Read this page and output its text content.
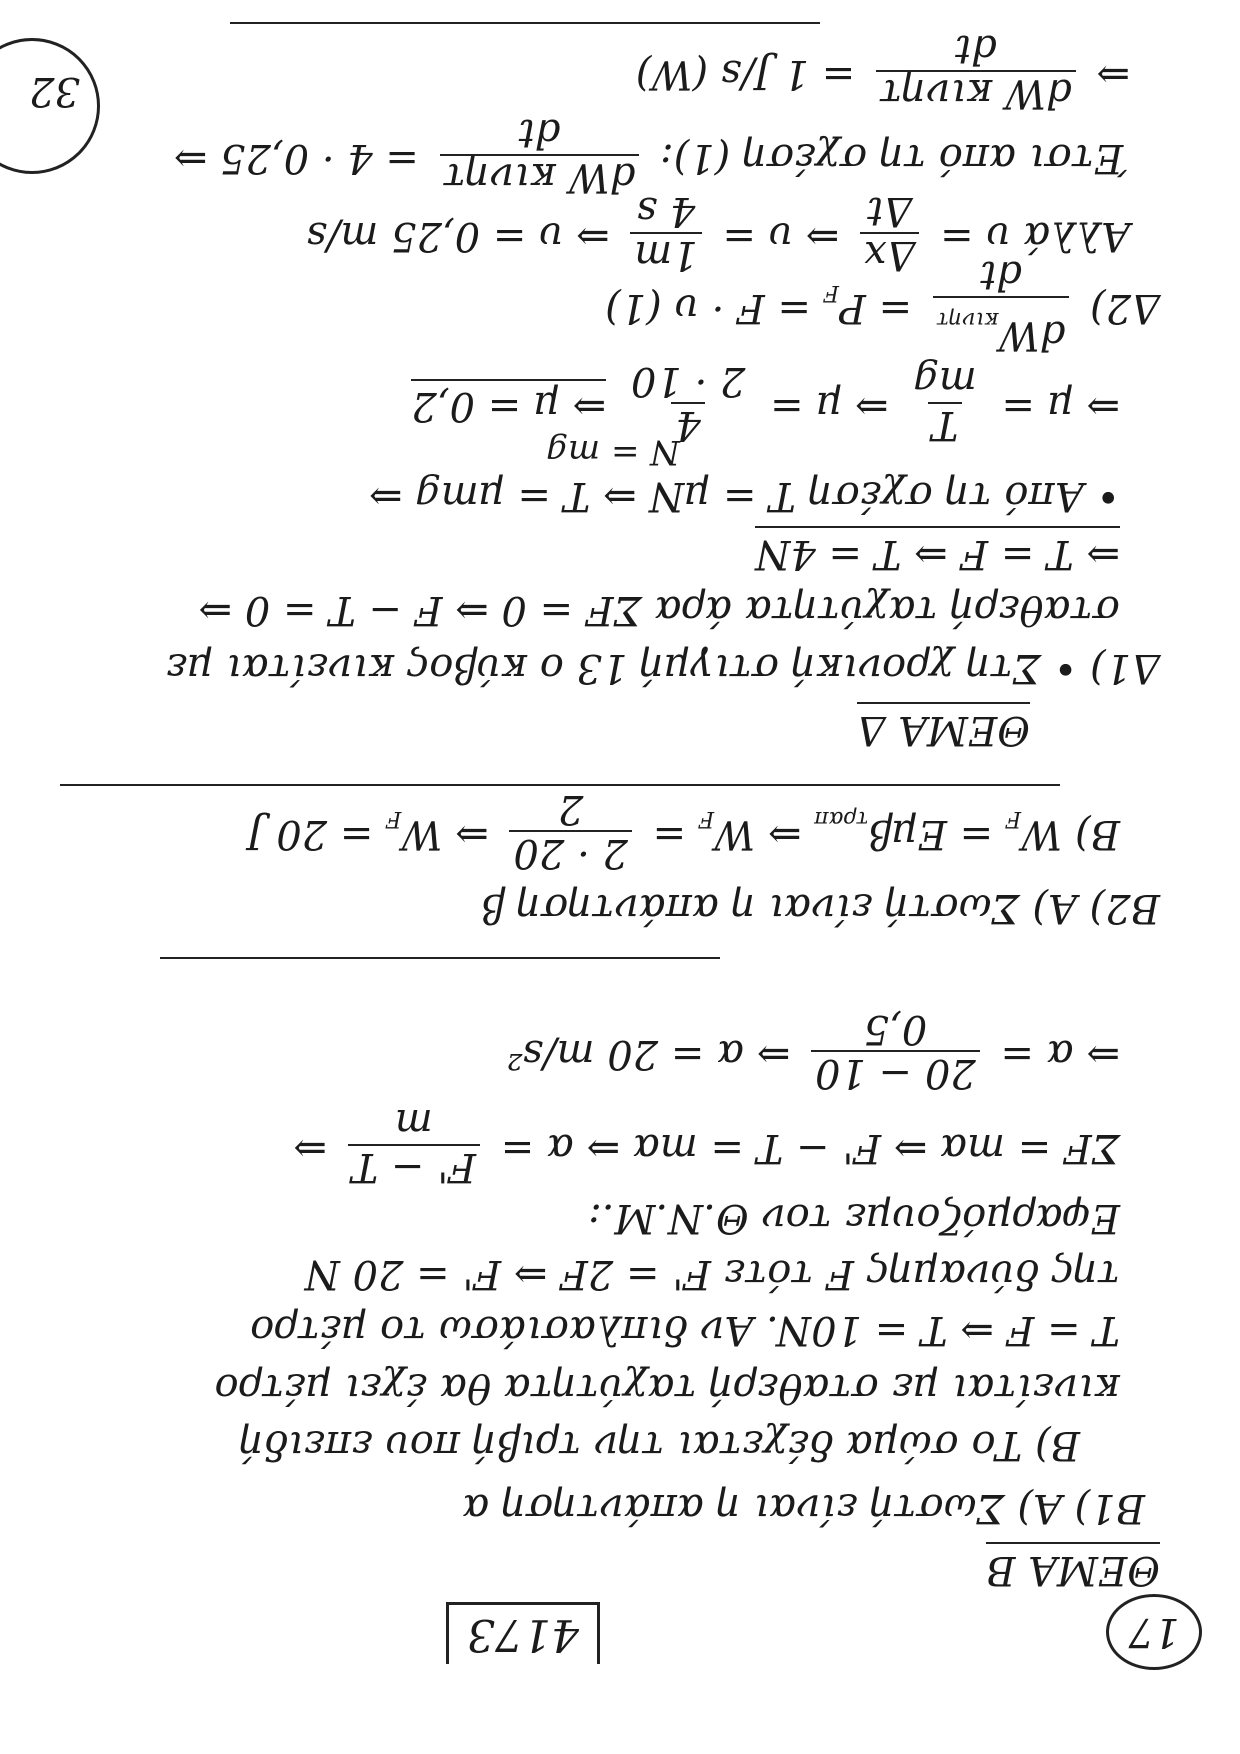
32
17
4173
ΘΕΜΑ Β
Β1) Α) Σωστή είναι η απάντηση α
Β) Το σώμα δέχεται την τριβή που επειδή
κινείται με σταθερή ταχύτητα θα έχει μέτρο
T = F ⇒ T = 10N. Αν διπλασιάσω το μέτρο
της δύναμης F τότε F' = 2F ⇒ F' = 20 N
Εφαρμόζουμε τον Θ.Ν.Μ.:
ΣF = mα ⇒ F' − T = mα ⇒ α =
F' − T
m
⇒
⇒ α =
20 − 10
0,5
⇒ α = 20 m/s²
Β2) Α) Σωστή είναι η απάντηση β
Β) $W_F = E\mu\beta_{\tau\rho\alpha\pi}$ ⇒ $W_F$ =
2 · 20
2
⇒ $W_F = 20$ J
ΘΕΜΑ Δ
Δ1) • Στη χρονική στιγμή 13 ο κύβος κινείται με
σταθερή ταχύτητα άρα ΣF = 0 ⇒ F − T = 0 ⇒
⇒ T = F ⇒ T = 4N
• Από τη σχέση T = μN ⇒ T = μmg ⇒
N = mg
⇒ μ =
T
mg
⇒ μ =
4
2 · 10
⇒ μ = 0,2
Δ2)
$dW_{\kappa\iota\nu\eta\tau}$
dt
= $P_F = F \cdot \upsilon$ (1)
Αλλά υ =
Δx
Δt
⇒ υ =
1m
4 s
⇒ υ = 0,25 m/s
Έτσι από τη σχέση (1):
dW κινητ
dt
= 4 · 0,25 ⇒
⇒
dW κινητ
dt
= 1 J/s (W)
